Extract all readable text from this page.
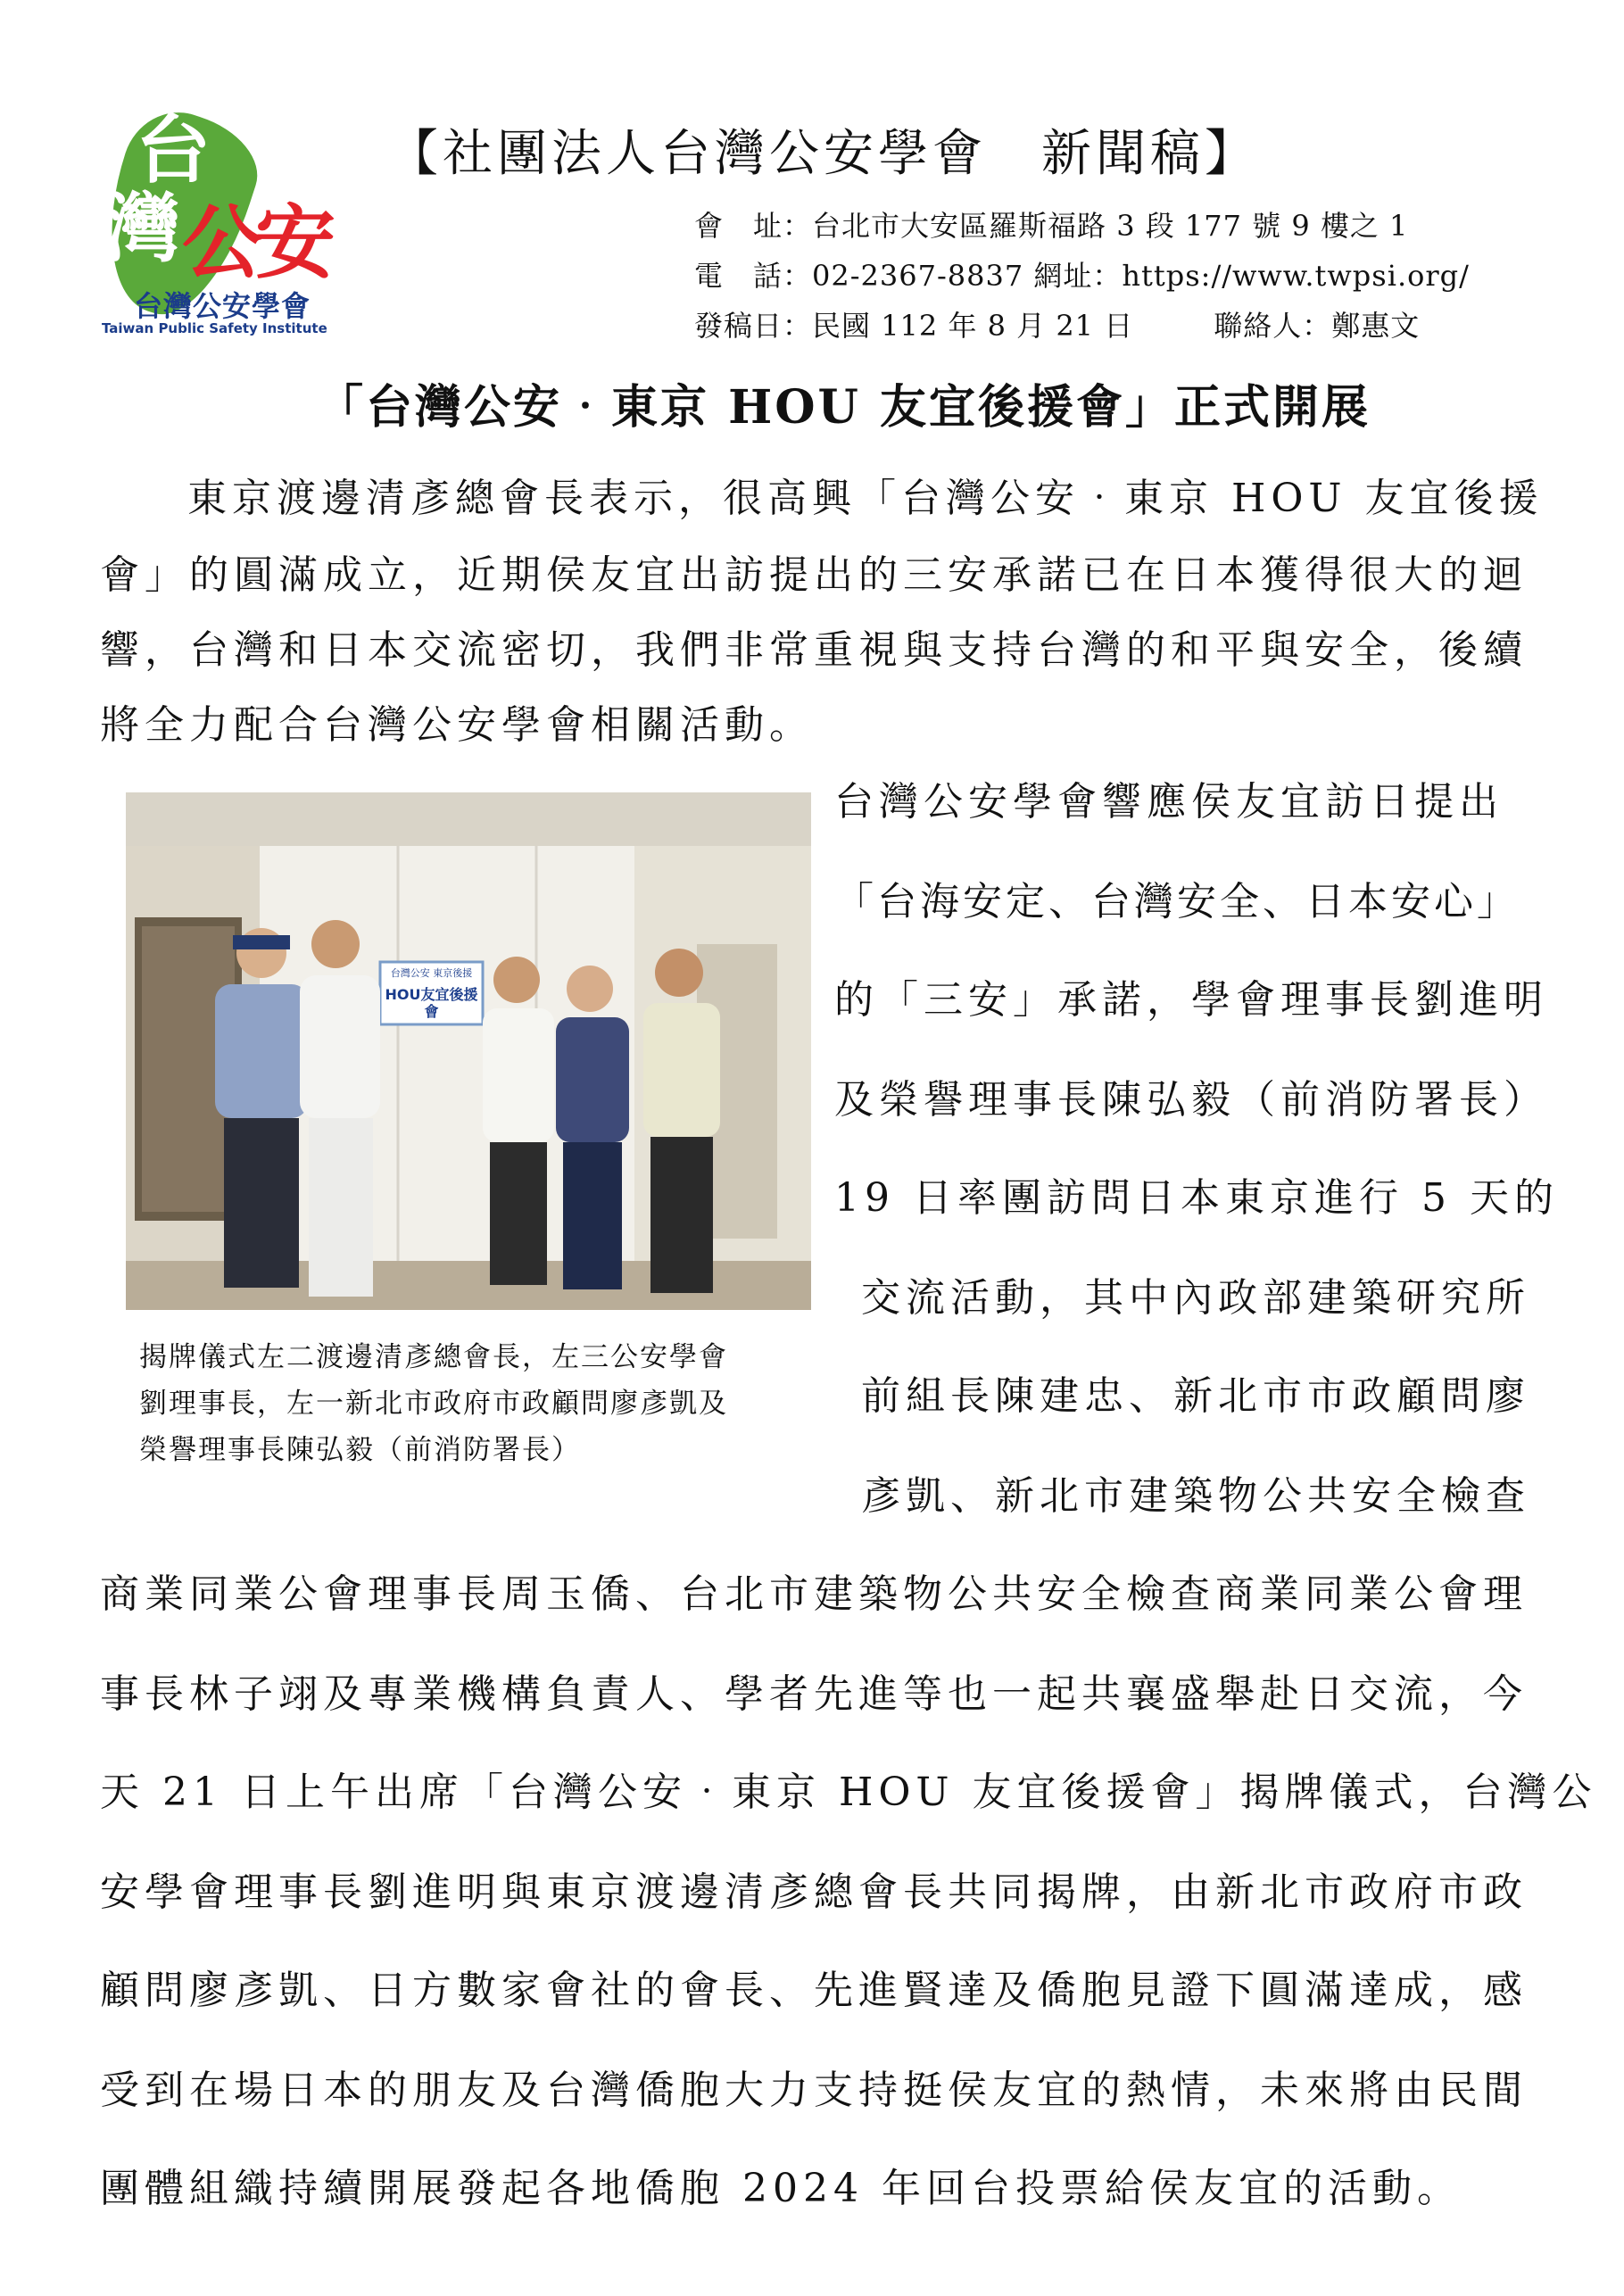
台
灣 公
安
台灣公安學會
Taiwan Public Safety Institute
【社團法人台灣公安學會　新聞稿】
會　址：台北市大安區羅斯福路 3 段 177 號 9 樓之 1
電　話：02-2367-8837 網址：https://www.twpsi.org/
發稿日：民國 112 年 8 月 21 日	聯絡人：鄭惠文
「台灣公安‧東京 HOU 友宜後援會」正式開展
東京渡邊清彥總會長表示，很高興「台灣公安‧東京 HOU 友宜後援
會」的圓滿成立，近期侯友宜出訪提出的三安承諾已在日本獲得很大的迴
響，台灣和日本交流密切，我們非常重視與支持台灣的和平與安全，後續
將全力配合台灣公安學會相關活動。
台灣公安 東京後援
HOU友宜後援會
揭牌儀式左二渡邊清彥總會長，左三公安學會
劉理事長，左一新北市政府市政顧問廖彥凱及
榮譽理事長陳弘毅（前消防署長）
台灣公安學會響應侯友宜訪日提出
「台海安定、台灣安全、日本安心」
的「三安」承諾，學會理事長劉進明
及榮譽理事長陳弘毅（前消防署長）
19 日率團訪問日本東京進行 5 天的
交流活動，其中內政部建築研究所
前組長陳建忠、新北市市政顧問廖
彥凱、新北市建築物公共安全檢查
商業同業公會理事長周玉僑、台北市建築物公共安全檢查商業同業公會理
事長林子翊及專業機構負責人、學者先進等也一起共襄盛舉赴日交流，今
天 21 日上午出席「台灣公安‧東京 HOU 友宜後援會」揭牌儀式，台灣公
安學會理事長劉進明與東京渡邊清彥總會長共同揭牌，由新北市政府市政
顧問廖彥凱、日方數家會社的會長、先進賢達及僑胞見證下圓滿達成，感
受到在場日本的朋友及台灣僑胞大力支持挺侯友宜的熱情，未來將由民間
團體組織持續開展發起各地僑胞 2024 年回台投票給侯友宜的活動。
